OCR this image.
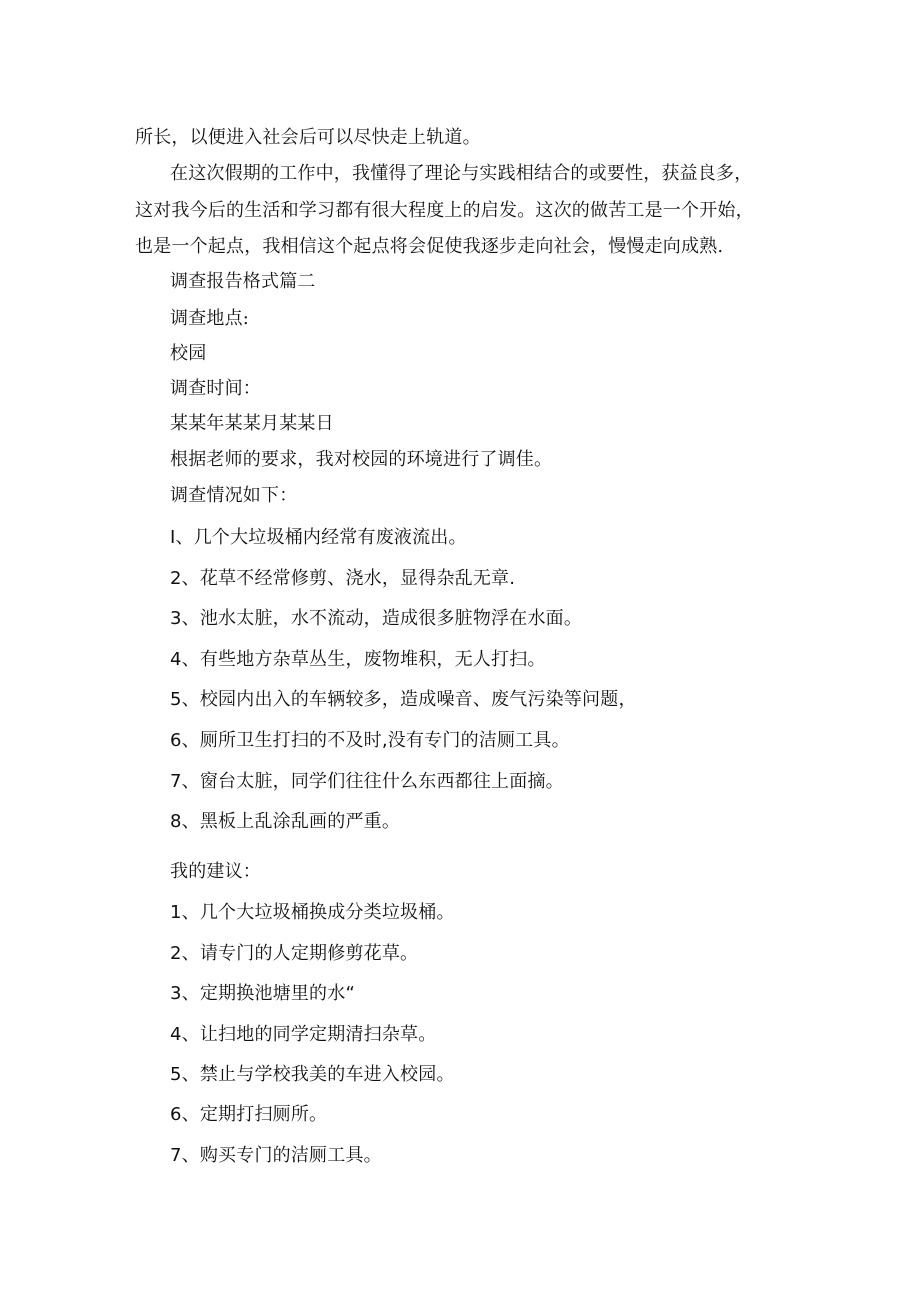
所长，以便进入社会后可以尽快走上轨道。
在这次假期的工作中，我懂得了理论与实践相结合的或要性，获益良多，
这对我今后的生活和学习都有很大程度上的启发。这次的做苦工是一个开始，
也是一个起点，我相信这个起点将会促使我逐步走向社会，慢慢走向成熟.
调查报告格式篇二
调查地点:
校园
调查时间：
某某年某某月某某日
根据老师的要求，我对校园的环境进行了调佳。
调查情况如下：
I、几个大垃圾桶内经常有废液流出。
2、花草不经常修剪、浇水，显得杂乱无章.
3、池水太脏，水不流动，造成很多脏物浮在水面。
4、有些地方杂草丛生，废物堆积，无人打扫。
5、校园内出入的车辆较多，造成噪音、废气污染等问题，
6、厕所卫生打扫的不及时,没有专门的洁厕工具。
7、窗台太脏，同学们往往什么东西都往上面摘。
8、黑板上乱涂乱画的严重。
我的建议：
1、几个大垃圾桶换成分类垃圾桶。
2、请专门的人定期修剪花草。
3、定期换池塘里的水“
4、让扫地的同学定期清扫杂草。
5、禁止与学校我美的车进入校园。
6、定期打扫厕所。
7、购买专门的洁厕工具。
